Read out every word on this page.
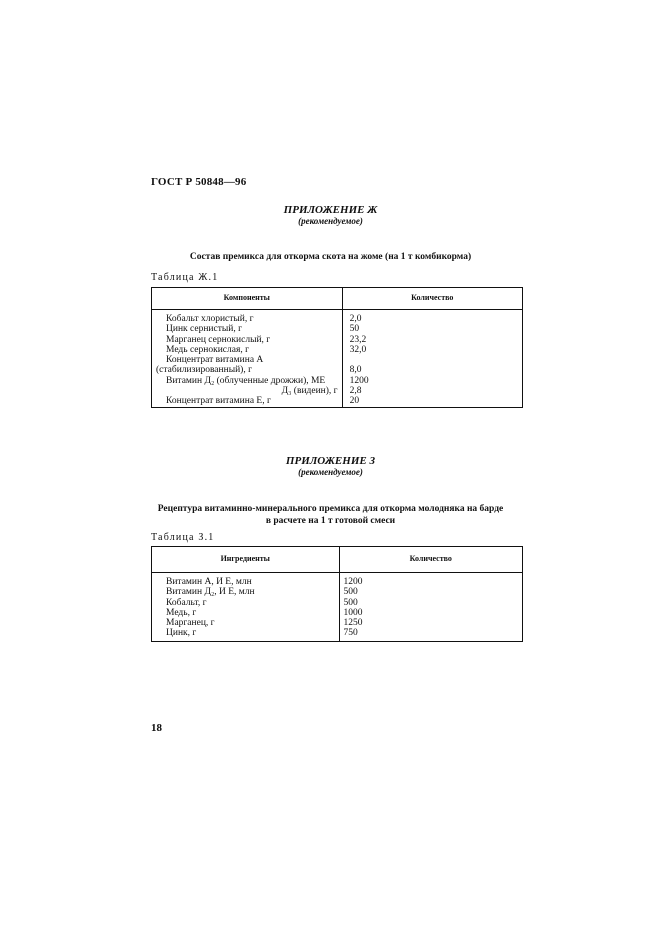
ГОСТ Р 50848—96
ПРИЛОЖЕНИЕ Ж
(рекомендуемое)
Состав премикса для откорма скота на жоме (на 1 т комбикорма)
Таблица Ж.1
Компоненты	Количество
Кобальт хлористый, г	2,0
Цинк сернистый, г	50
Марганец сернокислый, г	23,2
Медь сернокислая, г	32,0
Концентрат витамина А	
(стабилизированный), г	8,0
Витамин Д₂ (облученные дрожжи), МЕ	1200
Д₃ (видеин), г	2,8
Концентрат витамина Е, г	20
ПРИЛОЖЕНИЕ З
(рекомендуемое)
Рецептура витаминно-минерального премикса для откорма молодняка на барде
в расчете на 1 т готовой смеси
Таблица З.1
Ингредиенты	Количество
Витамин А, И Е, млн	1200
Витамин Д₂, И Е, млн	500
Кобальт, г	500
Медь, г	1000
Марганец, г	1250
Цинк, г	750
18
